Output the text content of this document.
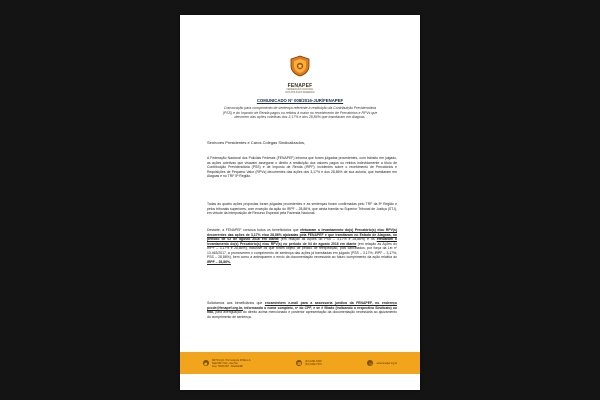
FENAPEF
FEDERAÇÃO NACIONAL
DOS POLICIAIS FEDERAIS
COMUNICADO Nº 008/2016-JUR/FENAPEF
Convocação para cumprimento de sentença referente à restituição da Contribuição Previdenciária (PSS) e do Imposto de Renda pagos ou retidos à maior no recebimento de Precatórios e RPVs que decorrem das ações coletivas dos 3,17% e dos 28,86% que tramitaram em Alagoas.
Senhores Presidentes e Caros Colegas Sindicalizados,
A Federação Nacional dos Policiais Federais (FENAPEF) informa que foram julgadas procedentes, com trânsito em julgado, as ações coletivas que visavam assegurar o direito à restituição dos valores pagos ou retidos indevidamente a título de Contribuição Previdenciária (PSS) e de Imposto de Renda (IRPF), incidentes sobre o recebimento de Precatórios e Requisições de Pequeno Valor (RPVs) decorrentes das ações dos 3,17% e dos 28,86% de sua autoria, que tramitaram em Alagoas e no TRF 5ª Região.
Todas as quatro ações propostas foram julgadas procedentes e as sentenças foram confirmadas pelo TRF da 5ª Região e pelos tribunais superiores, com exceção da ação do IRPF – 28,86%, que ainda tramita no Superior Tribunal de Justiça (STJ), em virtude da interposição de Recurso Especial pela Fazenda Nacional.
Destarte, a FENAPEF convoca todos os beneficiários que efetuaram o levantamento do(s) Precatório(s) e/ou RPV(s) decorrentes das ações de 3,17% e/ou 28,86% ajuizadas pela FENAPEF e que tramitaram no Estado de Alagoas, no período de 02 de agosto 2016 em diante (em relação às Ações do PSS – 3,17% e 28,86%) e os efetuaram o levantamento do(s) Precatório(s) e/ou RPV(s) no período de 04 de agosto 2016 em diante (em relação às Ações do IRPF – 3,17% e 28,86%), inclusive os que foram objeto de pedido de reexpedição, pois cancelados, por força da Lei nº 13.463/2017, a promoverem o cumprimento de sentença das ações já transitadas em julgado (PSS – 3,17%; IRPF – 3,17%; PSS – 28,86%), bem como a anteciparem o envio da documentação necessária ao futuro cumprimento da ação relativa ao IRPF – 28,86%.
Solicitamos aos beneficiários que encaminhem e-mail para a assessoria jurídica da FENAPEF, no endereço pccdr@fenapef.org.br, informando o nome completo, nº do CPF, e se é filiado (indicando o respectivo Sindicato) ou não, para averiguação do direito acima mencionado e posterior apresentação da documentação necessária ao ajuizamento do cumprimento de sentença.
●
SRTVS Qd. 701 Conjunto D Bloco A
Sala 509 / 510 - Asa Sul
Cep: 70340-907 - Brasília/DF
☎ (61) 3321-6346
(61) 3322-7373	◎	www.fenapef.org.br
